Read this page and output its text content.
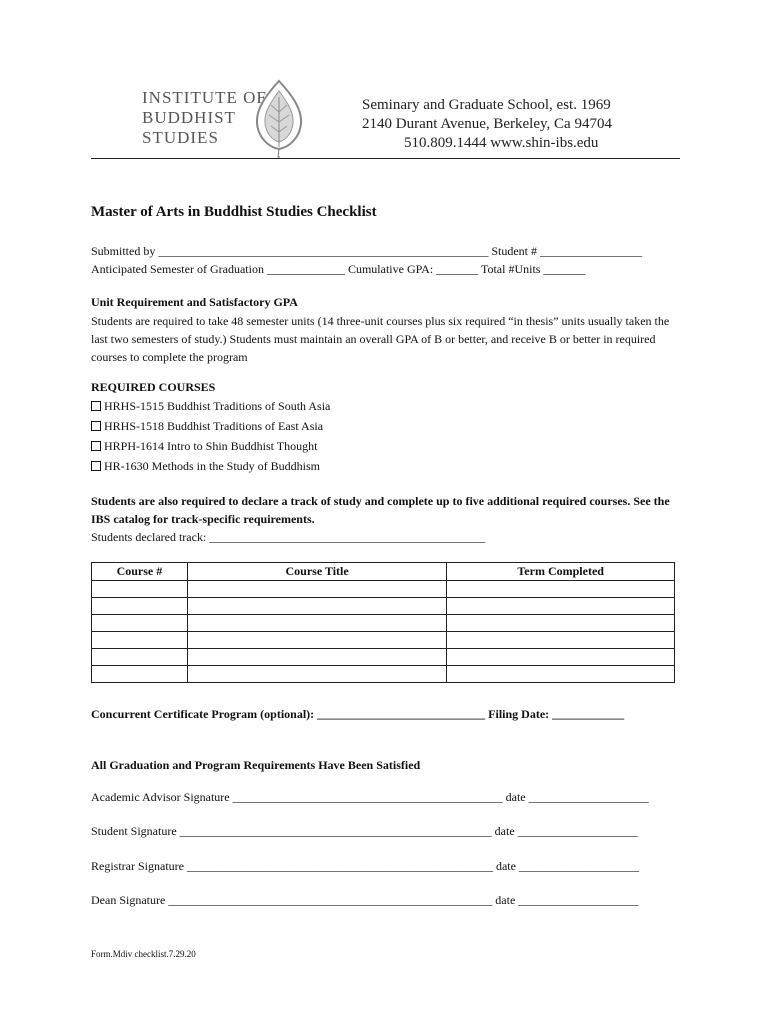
INSTITUTE OF
BUDDHIST
STUDIES
Seminary and Graduate School, est. 1969
2140 Durant Avenue, Berkeley, Ca 94704
510.809.1444 www.shin-ibs.edu
Master of Arts in Buddhist Studies Checklist
Submitted by _______________________________________________________ Student # _________________
Anticipated Semester of Graduation _____________ Cumulative GPA: _______ Total #Units _______
Unit Requirement and Satisfactory GPA
Students are required to take 48 semester units (14 three-unit courses plus six required “in thesis” units usually taken the last two semesters of study.) Students must maintain an overall GPA of B or better, and receive B or better in required courses to complete the program
REQUIRED COURSES
HRHS-1515 Buddhist Traditions of South Asia
HRHS-1518 Buddhist Traditions of East Asia
HRPH-1614 Intro to Shin Buddhist Thought
HR-1630 Methods in the Study of Buddhism
Students are also required to declare a track of study and complete up to five additional required courses. See the IBS catalog for track-specific requirements.
Students declared track: ______________________________________________
Course #	Course Title	Term Completed

Concurrent Certificate Program (optional): ____________________________ Filing Date: ____________
All Graduation and Program Requirements Have Been Satisfied
Academic Advisor Signature _____________________________________________ date ____________________
Student Signature ____________________________________________________ date ____________________
Registrar Signature ___________________________________________________ date ____________________
Dean Signature ______________________________________________________ date ____________________
Form.Mdiv checklist.7.29.20
